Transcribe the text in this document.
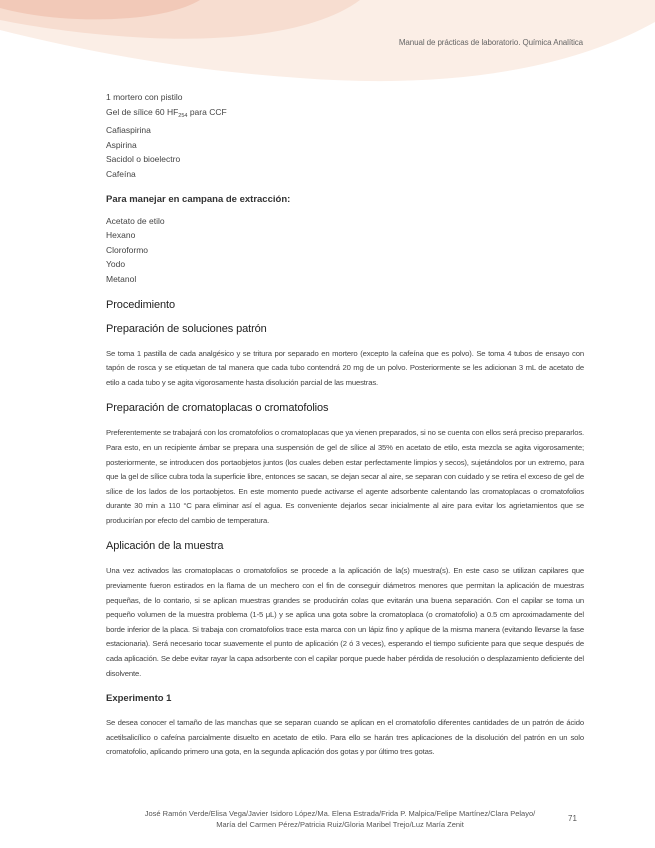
Manual de prácticas de laboratorio. Química Analítica
1 mortero con pistilo
Gel de sílice 60 $HF_{254}$ para CCF
Cafiaspirina
Aspirina
Sacidol o bioelectro
Cafeína
Para manejar en campana de extracción:
Acetato de etilo
Hexano
Cloroformo
Yodo
Metanol
Procedimiento
Preparación de soluciones patrón

Se toma 1 pastilla de cada analgésico y se tritura por separado en mortero (excepto la cafeína que es polvo). Se toma 4 tubos de ensayo con tapón de rosca y se etiquetan de tal manera que cada tubo contendrá 20 mg de un polvo. Posteriormente se les adicionan 3 mL de acetato de etilo a cada tubo y se agita vigorosamente hasta disolución parcial de las muestras.

Preparación de cromatoplacas o cromatofolios

Preferentemente se trabajará con los cromatofolios o cromatoplacas que ya vienen preparados, si no se cuenta con ellos será preciso prepararlos. Para esto, en un recipiente ámbar se prepara una suspensión de gel de sílice al 35% en acetato de etilo, esta mezcla se agita vigorosamente; posteriormente, se introducen dos portaobjetos juntos (los cuales deben estar perfectamente limpios y secos), sujetándolos por un extremo, para que la gel de sílice cubra toda la superficie libre, entonces se sacan, se dejan secar al aire, se separan con cuidado y se retira el exceso de gel de sílice de los lados de los portaobjetos. En este momento puede activarse el agente adsorbente calentando las cromatoplacas o cromatofolios durante 30 min a 110 °C para eliminar así el agua. Es conveniente dejarlos secar inicialmente al aire para evitar los agrietamientos que se producirían por efecto del cambio de temperatura.

Aplicación de la muestra

Una vez activados las cromatoplacas o cromatofolios se procede a la aplicación de la(s) muestra(s). En este caso se utilizan capilares que previamente fueron estirados en la flama de un mechero con el fin de conseguir diámetros menores que permitan la aplicación de muestras pequeñas, de lo contario, si se aplican muestras grandes se producirán colas que evitarán una buena separación. Con el capilar se toma un pequeño volumen de la muestra problema (1-5 μL) y se aplica una gota sobre la cromatoplaca (o cromatofolio) a 0.5 cm aproximadamente del borde inferior de la placa. Si trabaja con cromatofolios trace esta marca con un lápiz fino y aplique de la misma manera (evitando llevarse la fase estacionaria). Será necesario tocar suavemente el punto de aplicación (2 ó 3 veces), esperando el tiempo suficiente para que seque después de cada aplicación. Se debe evitar rayar la capa adsorbente con el capilar porque puede haber pérdida de resolución o desplazamiento deficiente del disolvente.

Experimento 1

Se desea conocer el tamaño de las manchas que se separan cuando se aplican en el cromatofolio diferentes cantidades de un patrón de ácido acetilsalicílico o cafeína parcialmente disuelto en acetato de etilo. Para ello se harán tres aplicaciones de la disolución del patrón en un solo cromatofolio, aplicando primero una gota, en la segunda aplicación dos gotas y por último tres gotas.

José Ramón Verde/Elisa Vega/Javier Isidoro López/Ma. Elena Estrada/Frida P. Malpica/Felipe Martínez/Clara Pelayo/
María del Carmen Pérez/Patricia Ruiz/Gloria Maribel Trejo/Luz María Zenit
71
